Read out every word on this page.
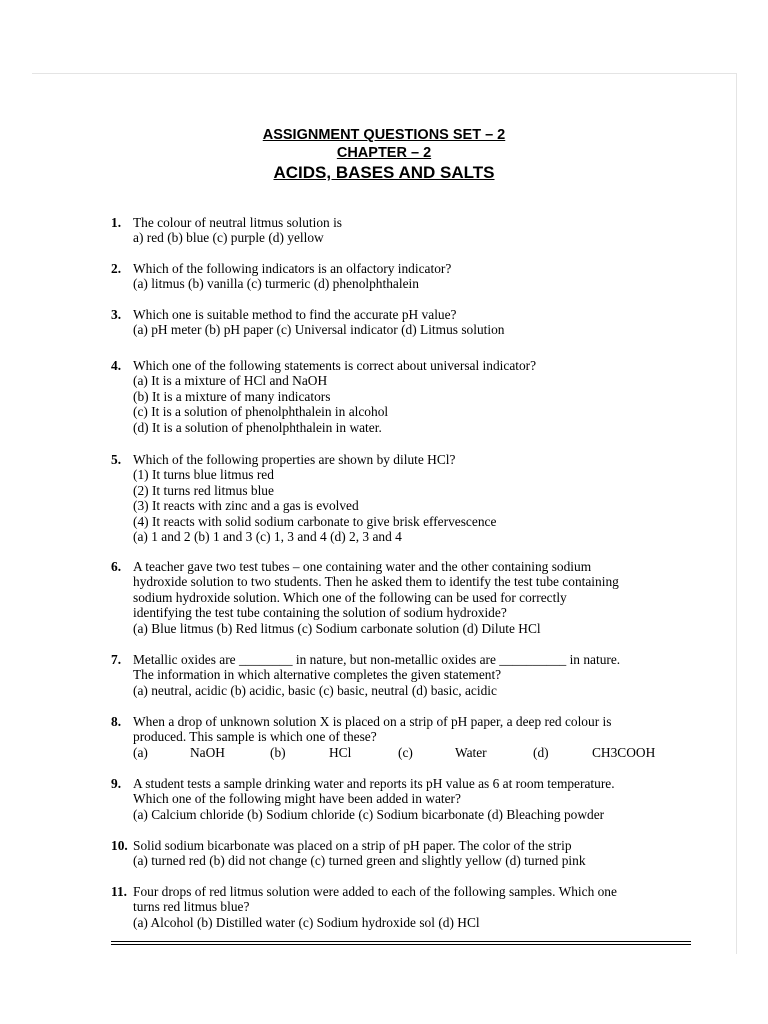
ASSIGNMENT QUESTIONS SET – 2
CHAPTER – 2
ACIDS, BASES AND SALTS
1. The colour of neutral litmus solution is
a) red (b) blue (c) purple (d) yellow
2. Which of the following indicators is an olfactory indicator?
(a) litmus (b) vanilla (c) turmeric (d) phenolphthalein
3. Which one is suitable method to find the accurate pH value?
(a) pH meter (b) pH paper (c) Universal indicator (d) Litmus solution
4. Which one of the following statements is correct about universal indicator?
(a) It is a mixture of HCl and NaOH
(b) It is a mixture of many indicators
(c) It is a solution of phenolphthalein in alcohol
(d) It is a solution of phenolphthalein in water.
5. Which of the following properties are shown by dilute HCl?
(1) It turns blue litmus red
(2) It turns red litmus blue
(3) It reacts with zinc and a gas is evolved
(4) It reacts with solid sodium carbonate to give brisk effervescence
(a) 1 and 2 (b) 1 and 3 (c) 1, 3 and 4 (d) 2, 3 and 4
6. A teacher gave two test tubes – one containing water and the other containing sodium
hydroxide solution to two students. Then he asked them to identify the test tube containing
sodium hydroxide solution. Which one of the following can be used for correctly
identifying the test tube containing the solution of sodium hydroxide?
(a) Blue litmus (b) Red litmus (c) Sodium carbonate solution (d) Dilute HCl
7. Metallic oxides are ________ in nature, but non-metallic oxides are __________ in nature.
The information in which alternative completes the given statement?
(a) neutral, acidic (b) acidic, basic (c) basic, neutral (d) basic, acidic
8. When a drop of unknown solution X is placed on a strip of pH paper, a deep red colour is
produced. This sample is which one of these?
(a)	NaOH	(b)	HCl	(c)	Water	(d)	CH3COOH
9. A student tests a sample drinking water and reports its pH value as 6 at room temperature.
Which one of the following might have been added in water?
(a) Calcium chloride (b) Sodium chloride (c) Sodium bicarbonate (d) Bleaching powder
10. Solid sodium bicarbonate was placed on a strip of pH paper. The color of the strip
(a) turned red (b) did not change (c) turned green and slightly yellow (d) turned pink
11. Four drops of red litmus solution were added to each of the following samples. Which one
turns red litmus blue?
(a) Alcohol (b) Distilled water (c) Sodium hydroxide sol (d) HCl
